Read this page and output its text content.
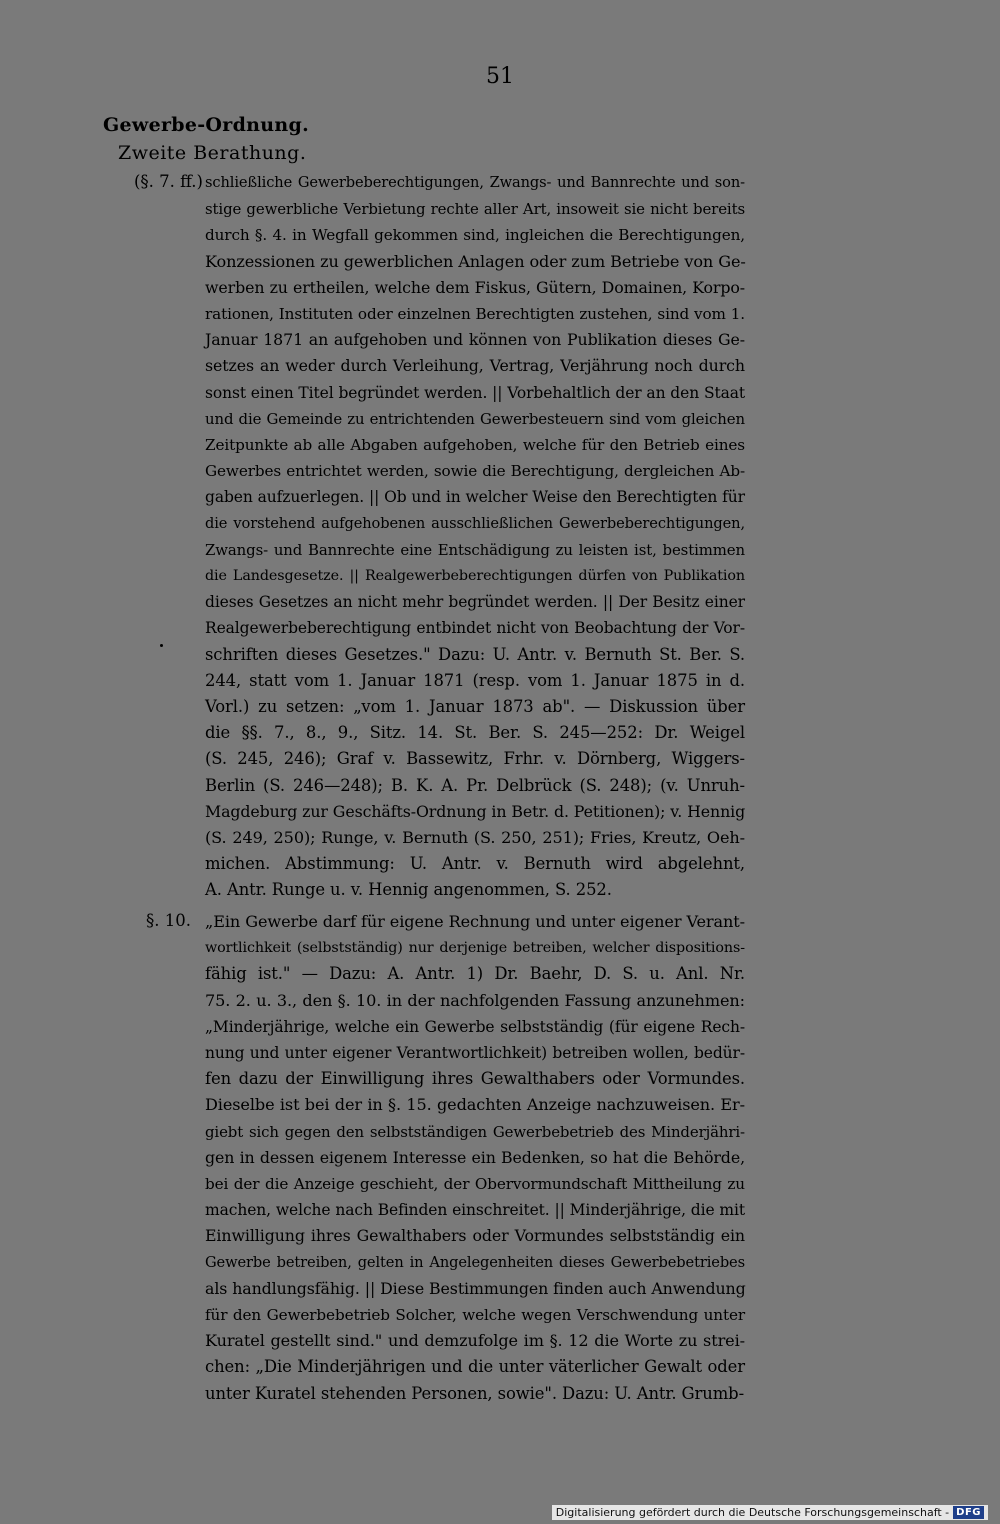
51
Gewerbe-Ordnung.
Zweite Berathung.
(§. 7. ff.) schließliche Gewerbeberechtigungen, Zwangs- und Bannrechte und son-
stige gewerbliche Verbietung rechte aller Art, insoweit sie nicht bereits
durch §. 4. in Wegfall gekommen sind, ingleichen die Berechtigungen,
Konzessionen zu gewerblichen Anlagen oder zum Betriebe von Ge-
werben zu ertheilen, welche dem Fiskus, Gütern, Domainen, Korpo-
rationen, Instituten oder einzelnen Berechtigten zustehen, sind vom 1.
Januar 1871 an aufgehoben und können von Publikation dieses Ge-
setzes an weder durch Verleihung, Vertrag, Verjährung noch durch
sonst einen Titel begründet werden. || Vorbehaltlich der an den Staat
und die Gemeinde zu entrichtenden Gewerbesteuern sind vom gleichen
Zeitpunkte ab alle Abgaben aufgehoben, welche für den Betrieb eines
Gewerbes entrichtet werden, sowie die Berechtigung, dergleichen Ab-
gaben aufzuerlegen. || Ob und in welcher Weise den Berechtigten für
die vorstehend aufgehobenen ausschließlichen Gewerbeberechtigungen,
Zwangs- und Bannrechte eine Entschädigung zu leisten ist, bestimmen
die Landesgesetze. || Realgewerbeberechtigungen dürfen von Publikation
dieses Gesetzes an nicht mehr begründet werden. || Der Besitz einer
Realgewerbeberechtigung entbindet nicht von Beobachtung der Vor-
schriften dieses Gesetzes." Dazu: U. Antr. v. Bernuth St. Ber. S.
244, statt vom 1. Januar 1871 (resp. vom 1. Januar 1875 in d.
Vorl.) zu setzen: „vom 1. Januar 1873 ab". — Diskussion über
die §§. 7., 8., 9., Sitz. 14. St. Ber. S. 245—252: Dr. Weigel
(S. 245, 246); Graf v. Bassewitz, Frhr. v. Dörnberg, Wiggers-
Berlin (S. 246—248); B. K. A. Pr. Delbrück (S. 248); (v. Unruh-
Magdeburg zur Geschäfts-Ordnung in Betr. d. Petitionen); v. Hennig
(S. 249, 250); Runge, v. Bernuth (S. 250, 251); Fries, Kreutz, Oeh-
michen. Abstimmung: U. Antr. v. Bernuth wird abgelehnt,
A. Antr. Runge u. v. Hennig angenommen, S. 252.
§. 10. „Ein Gewerbe darf für eigene Rechnung und unter eigener Verant-
wortlichkeit (selbstständig) nur derjenige betreiben, welcher dispositions-
fähig ist." — Dazu: A. Antr. 1) Dr. Baehr, D. S. u. Anl. Nr.
75. 2. u. 3., den §. 10. in der nachfolgenden Fassung anzunehmen:
„Minderjährige, welche ein Gewerbe selbstständig (für eigene Rech-
nung und unter eigener Verantwortlichkeit) betreiben wollen, bedür-
fen dazu der Einwilligung ihres Gewalthabers oder Vormundes.
Dieselbe ist bei der in §. 15. gedachten Anzeige nachzuweisen. Er-
giebt sich gegen den selbstständigen Gewerbebetrieb des Minderjähri-
gen in dessen eigenem Interesse ein Bedenken, so hat die Behörde,
bei der die Anzeige geschieht, der Obervormundschaft Mittheilung zu
machen, welche nach Befinden einschreitet. || Minderjährige, die mit
Einwilligung ihres Gewalthabers oder Vormundes selbstständig ein
Gewerbe betreiben, gelten in Angelegenheiten dieses Gewerbebetriebes
als handlungsfähig. || Diese Bestimmungen finden auch Anwendung
für den Gewerbebetrieb Solcher, welche wegen Verschwendung unter
Kuratel gestellt sind." und demzufolge im §. 12 die Worte zu strei-
chen: „Die Minderjährigen und die unter väterlicher Gewalt oder
unter Kuratel stehenden Personen, sowie". Dazu: U. Antr. Grumb-
Digitalisierung gefördert durch die Deutsche Forschungsgemeinschaft - DFG
